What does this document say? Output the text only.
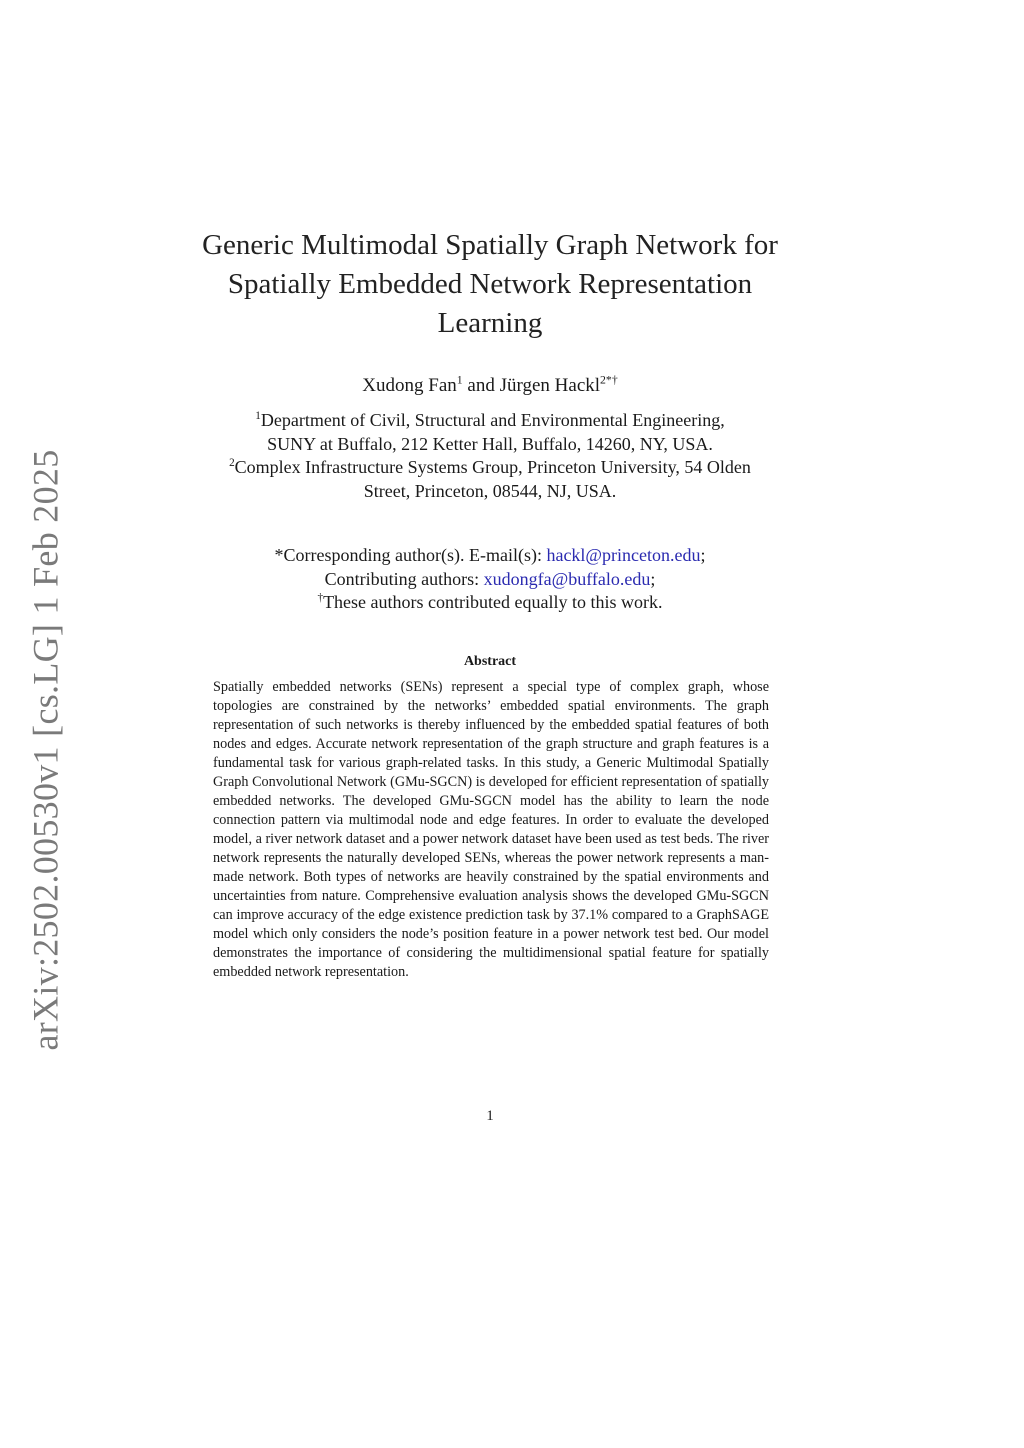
arXiv:2502.00530v1 [cs.LG] 1 Feb 2025
Generic Multimodal Spatially Graph Network for
Spatially Embedded Network Representation
Learning
Xudong Fan$^1$ and Jürgen Hackl$^{2*\dagger}$
$^1$Department of Civil, Structural and Environmental Engineering,
SUNY at Buffalo, 212 Ketter Hall, Buffalo, 14260, NY, USA.
$^2$Complex Infrastructure Systems Group, Princeton University, 54 Olden
Street, Princeton, 08544, NJ, USA.
*Corresponding author(s). E-mail(s): hackl@princeton.edu;
Contributing authors: xudongfa@buffalo.edu;
†These authors contributed equally to this work.
Abstract
Spatially embedded networks (SENs) represent a special type of complex graph, whose topologies are constrained by the networks’ embedded spatial environments. The graph representation of such networks is thereby influenced by the embedded spatial features of both nodes and edges. Accurate network representation of the graph structure and graph features is a fundamental task for various graph-related tasks. In this study, a Generic Multimodal Spatially Graph Convolutional Network (GMu-SGCN) is developed for efficient representation of spatially embedded networks. The developed GMu-SGCN model has the ability to learn the node connection pattern via multimodal node and edge features. In order to evaluate the developed model, a river network dataset and a power network dataset have been used as test beds. The river network represents the naturally developed SENs, whereas the power network represents a man-made network. Both types of networks are heavily constrained by the spatial environments and uncertainties from nature. Comprehensive evaluation analysis shows the developed GMu-SGCN can improve accuracy of the edge existence prediction task by 37.1% compared to a GraphSAGE model which only considers the node’s position feature in a power network test bed. Our model demonstrates the importance of considering the multidimensional spatial feature for spatially embedded network representation.
1
